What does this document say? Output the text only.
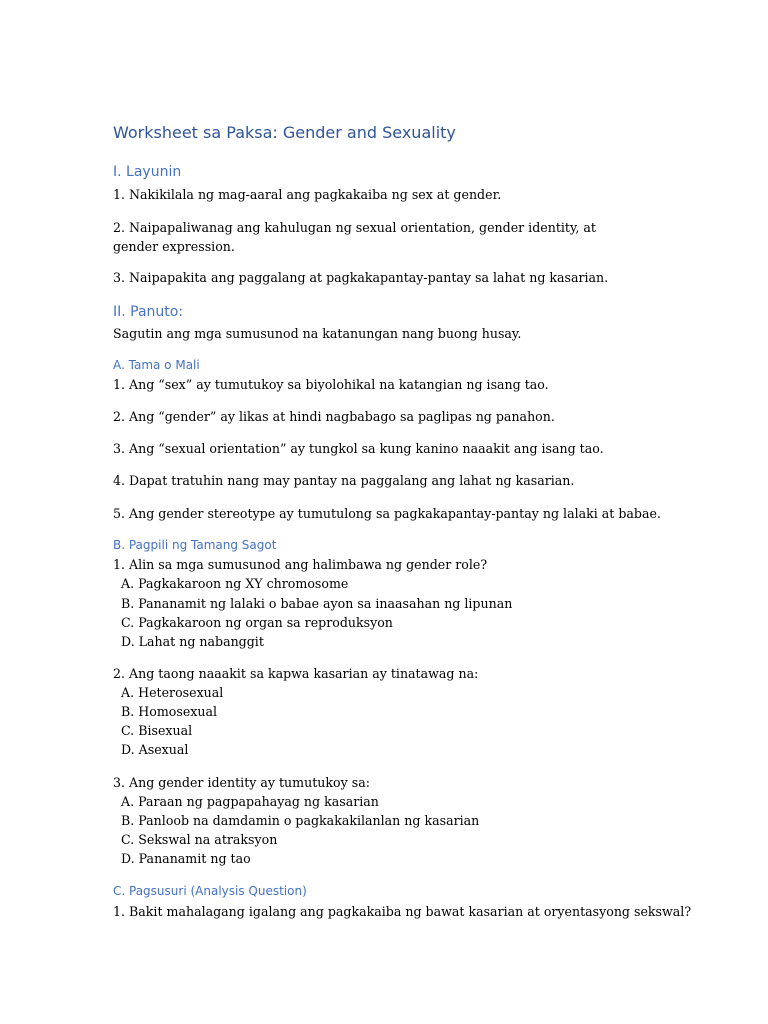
Worksheet sa Paksa: Gender and Sexuality
I. Layunin

1. Nakikilala ng mag-aaral ang pagkakaiba ng sex at gender.

2. Naipapaliwanag ang kahulugan ng sexual orientation, gender identity, at gender expression.

3. Naipapakita ang paggalang at pagkakapantay-pantay sa lahat ng kasarian.

II. Panuto:

Sagutin ang mga sumusunod na katanungan nang buong husay.

A. Tama o Mali

1. Ang “sex” ay tumutukoy sa biyolohikal na katangian ng isang tao.

2. Ang “gender” ay likas at hindi nagbabago sa paglipas ng panahon.

3. Ang “sexual orientation” ay tungkol sa kung kanino naaakit ang isang tao.

4. Dapat tratuhin nang may pantay na paggalang ang lahat ng kasarian.

5. Ang gender stereotype ay tumutulong sa pagkakapantay-pantay ng lalaki at babae.

B. Pagpili ng Tamang Sagot

1. Alin sa mga sumusunod ang halimbawa ng gender role?

A. Pagkakaroon ng XY chromosome

B. Pananamit ng lalaki o babae ayon sa inaasahan ng lipunan

C. Pagkakaroon ng organ sa reproduksyon

D. Lahat ng nabanggit

2. Ang taong naaakit sa kapwa kasarian ay tinatawag na:

A. Heterosexual

B. Homosexual

C. Bisexual

D. Asexual

3. Ang gender identity ay tumutukoy sa:

A. Paraan ng pagpapahayag ng kasarian

B. Panloob na damdamin o pagkakakilanlan ng kasarian

C. Sekswal na atraksyon

D. Pananamit ng tao

C. Pagsusuri (Analysis Question)

1. Bakit mahalagang igalang ang pagkakaiba ng bawat kasarian at oryentasyong sekswal?
